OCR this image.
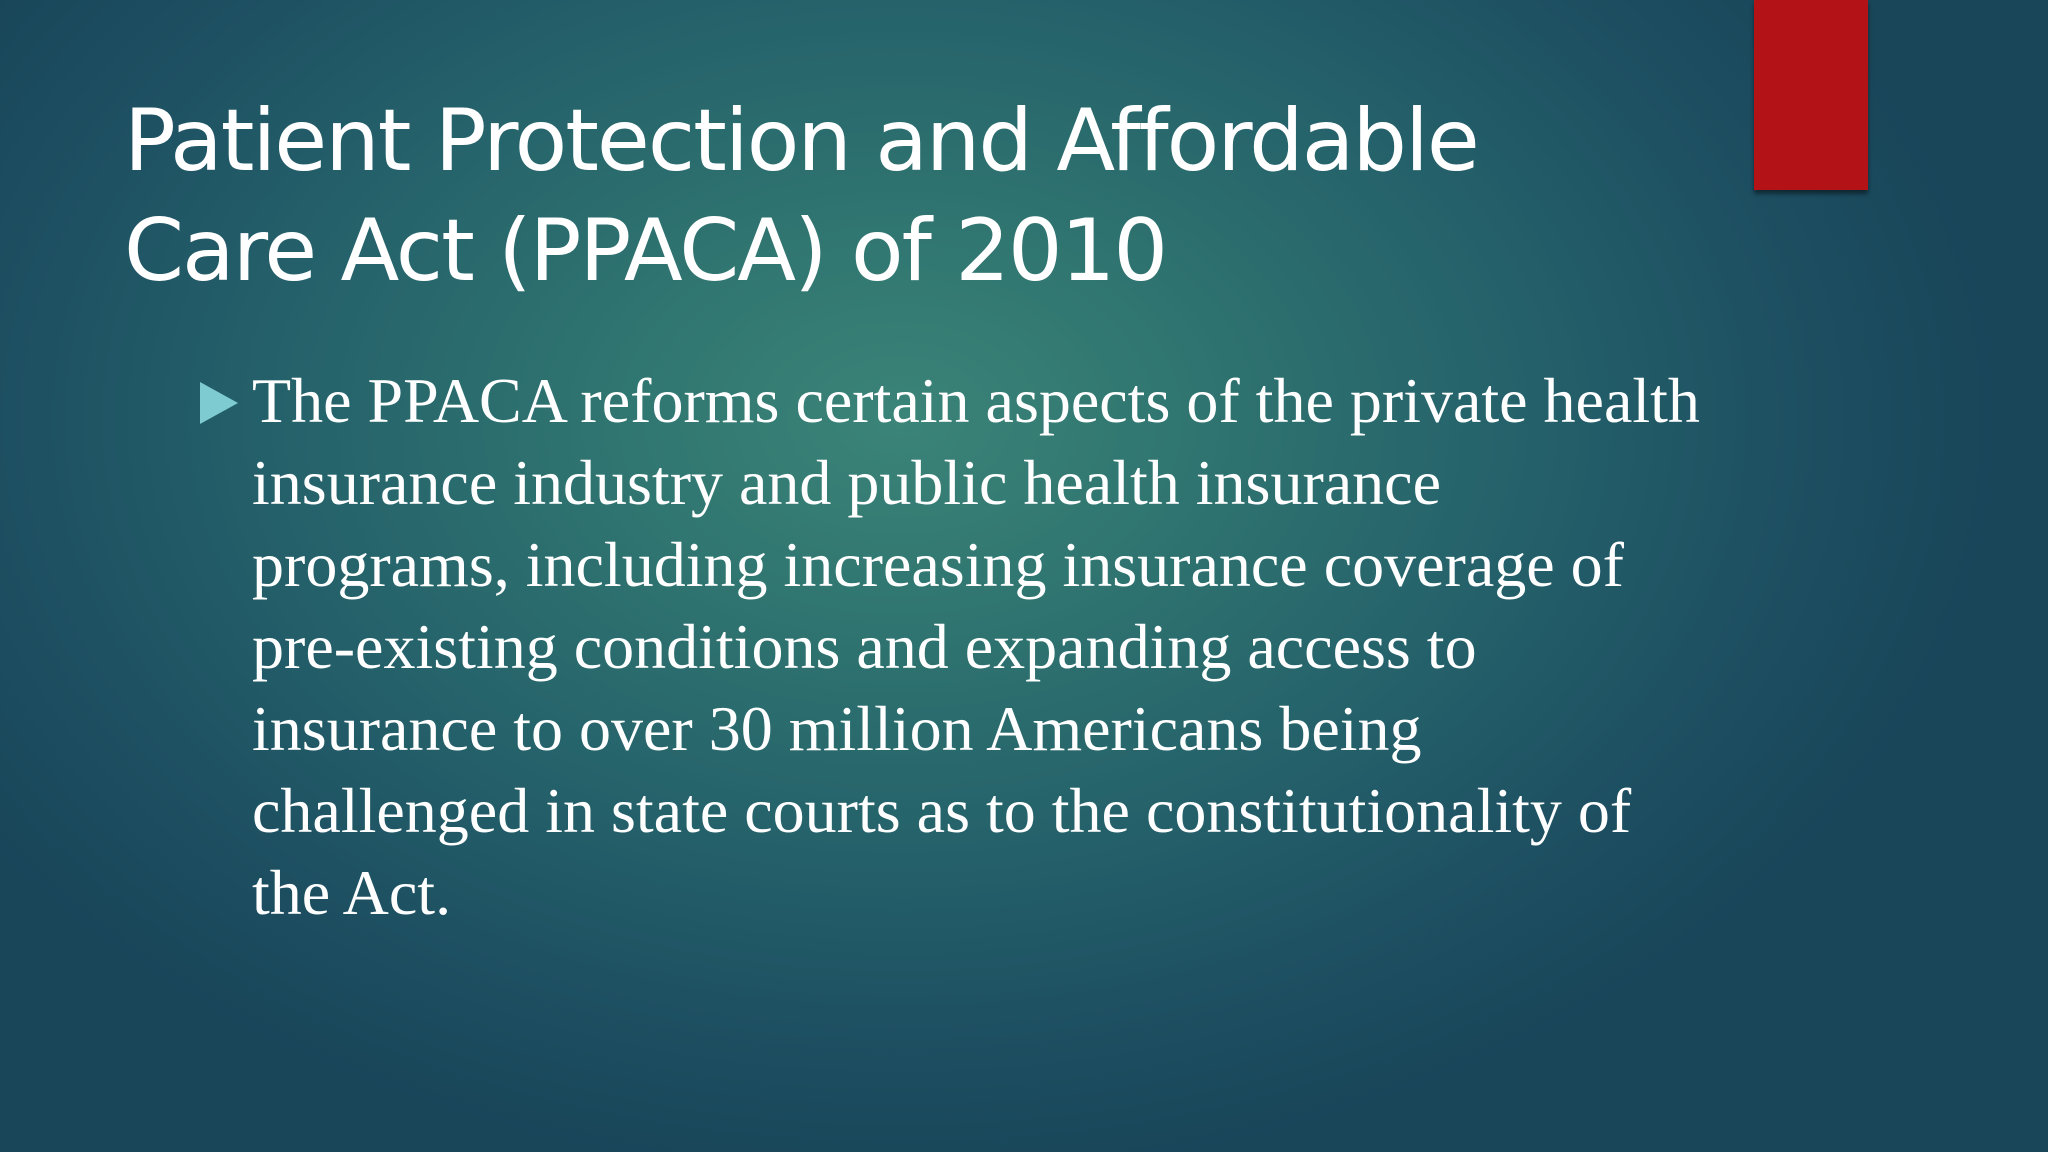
Patient Protection and Affordable
Care Act (PPACA) of 2010
The PPACA reforms certain aspects of the private health insurance industry and public health insurance programs, including increasing insurance coverage of pre-existing conditions and expanding access to insurance to over 30 million Americans being challenged in state courts as to the constitutionality of the Act.
